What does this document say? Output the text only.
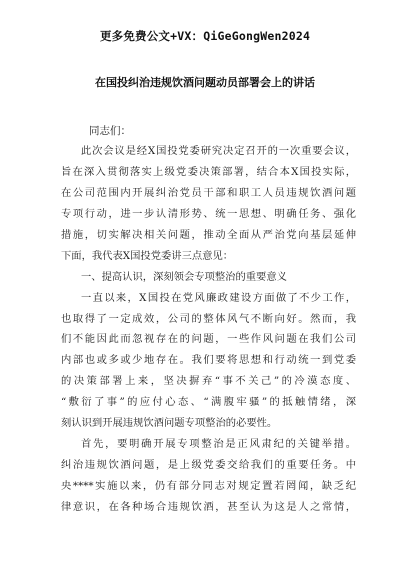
更多免费公文+VX：QiGeGongWen2024
在国投纠治违规饮酒问题动员部署会上的讲话
同志们：
此次会议是经X国投党委研究决定召开的一次重要会议，
旨在深入贯彻落实上级党委决策部署，结合本X国投实际，
在公司范围内开展纠治党员干部和职工人员违规饮酒问题
专项行动，进一步认清形势、统一思想、明确任务、强化
措施，切实解决相关问题，推动全面从严治党向基层延伸
下面，我代表X国投党委讲三点意见：
一、提高认识，深刻领会专项整治的重要意义
一直以来，X国投在党风廉政建设方面做了不少工作，
也取得了一定成效，公司的整体风气不断向好。然而，我
们不能因此而忽视存在的问题，一些作风问题在我们公司
内部也或多或少地存在。我们要将思想和行动统一到党委
的决策部署上来，坚决摒弃“事不关己”的冷漠态度、
“敷衍了事”的应付心态、“满腹牢骚”的抵触情绪，深
刻认识到开展违规饮酒问题专项整治的必要性。
首先，要明确开展专项整治是正风肃纪的关键举措。
纠治违规饮酒问题，是上级党委交给我们的重要任务。中
央****实施以来，仍有部分同志对规定置若罔闻，缺乏纪
律意识，在各种场合违规饮酒，甚至认为这是人之常情，
